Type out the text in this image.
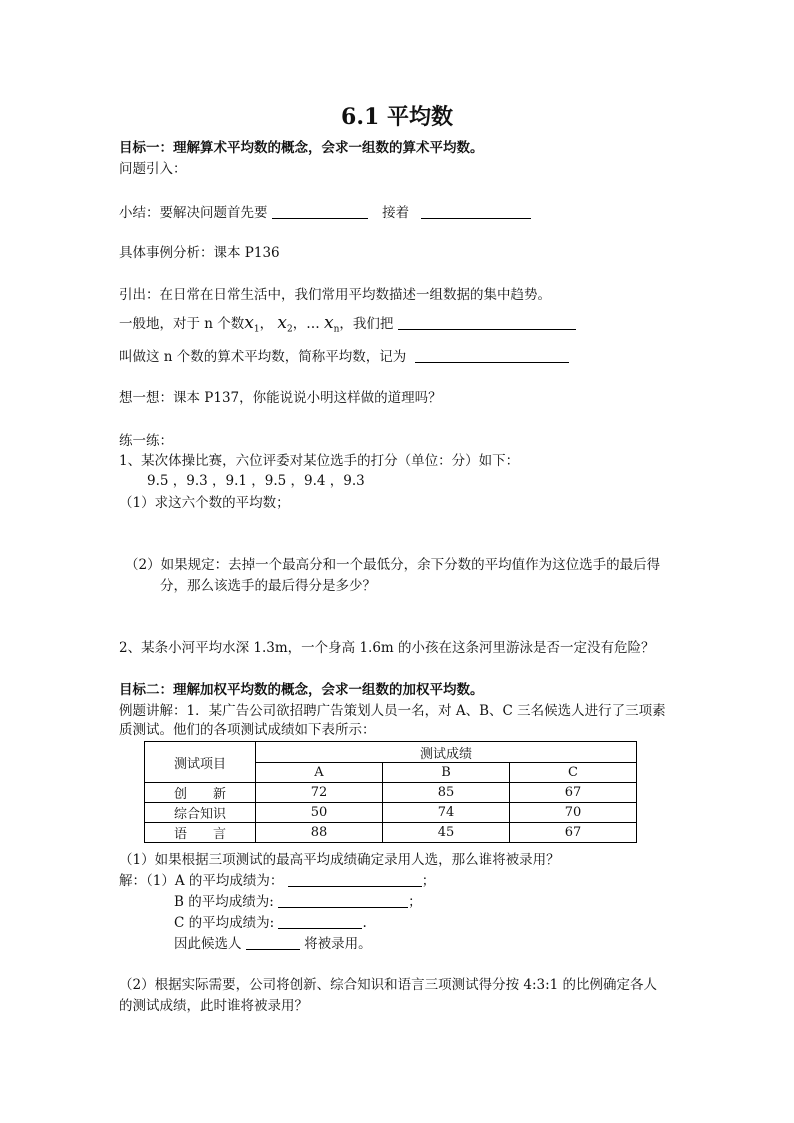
6.1 平均数
目标一：理解算术平均数的概念，会求一组数的算术平均数。
问题引入：
小结：要解决问题首先要	接着
具体事例分析：课本 P136
引出：在日常在日常生活中，我们常用平均数描述一组数据的集中趋势。
一般地，对于 n 个数$x_1$， $x_2$，… $x_n$，我们把
叫做这 n 个数的算术平均数，简称平均数，记为
想一想：课本 P137，你能说说小明这样做的道理吗？
练一练：
1、某次体操比赛，六位评委对某位选手的打分（单位：分）如下：
9.5 ，9.3 ，9.1 ，9.5 ，9.4 ，9.3
（1）求这六个数的平均数；
（2）如果规定：去掉一个最高分和一个最低分，余下分数的平均值作为这位选手的最后得
分，那么该选手的最后得分是多少？
2、某条小河平均水深 1.3m，一个身高 1.6m 的小孩在这条河里游泳是否一定没有危险？
目标二：理解加权平均数的概念，会求一组数的加权平均数。
例题讲解：1．某广告公司欲招聘广告策划人员一名，对 A、B、C 三名候选人进行了三项素
质测试。他们的各项测试成绩如下表所示：
测试项目	测试成绩		
	A	B	C
创　　新	72	85	67
综合知识	50	74	70
语　　言	88	45	67
（1）如果根据三项测试的最高平均成绩确定录用人选，那么谁将被录用？
解：（1）A 的平均成绩为：	；
B 的平均成绩为:	；
C 的平均成绩为:	.
因此候选人	将被录用。
（2）根据实际需要，公司将创新、综合知识和语言三项测试得分按 4:3:1 的比例确定各人
的测试成绩，此时谁将被录用？
